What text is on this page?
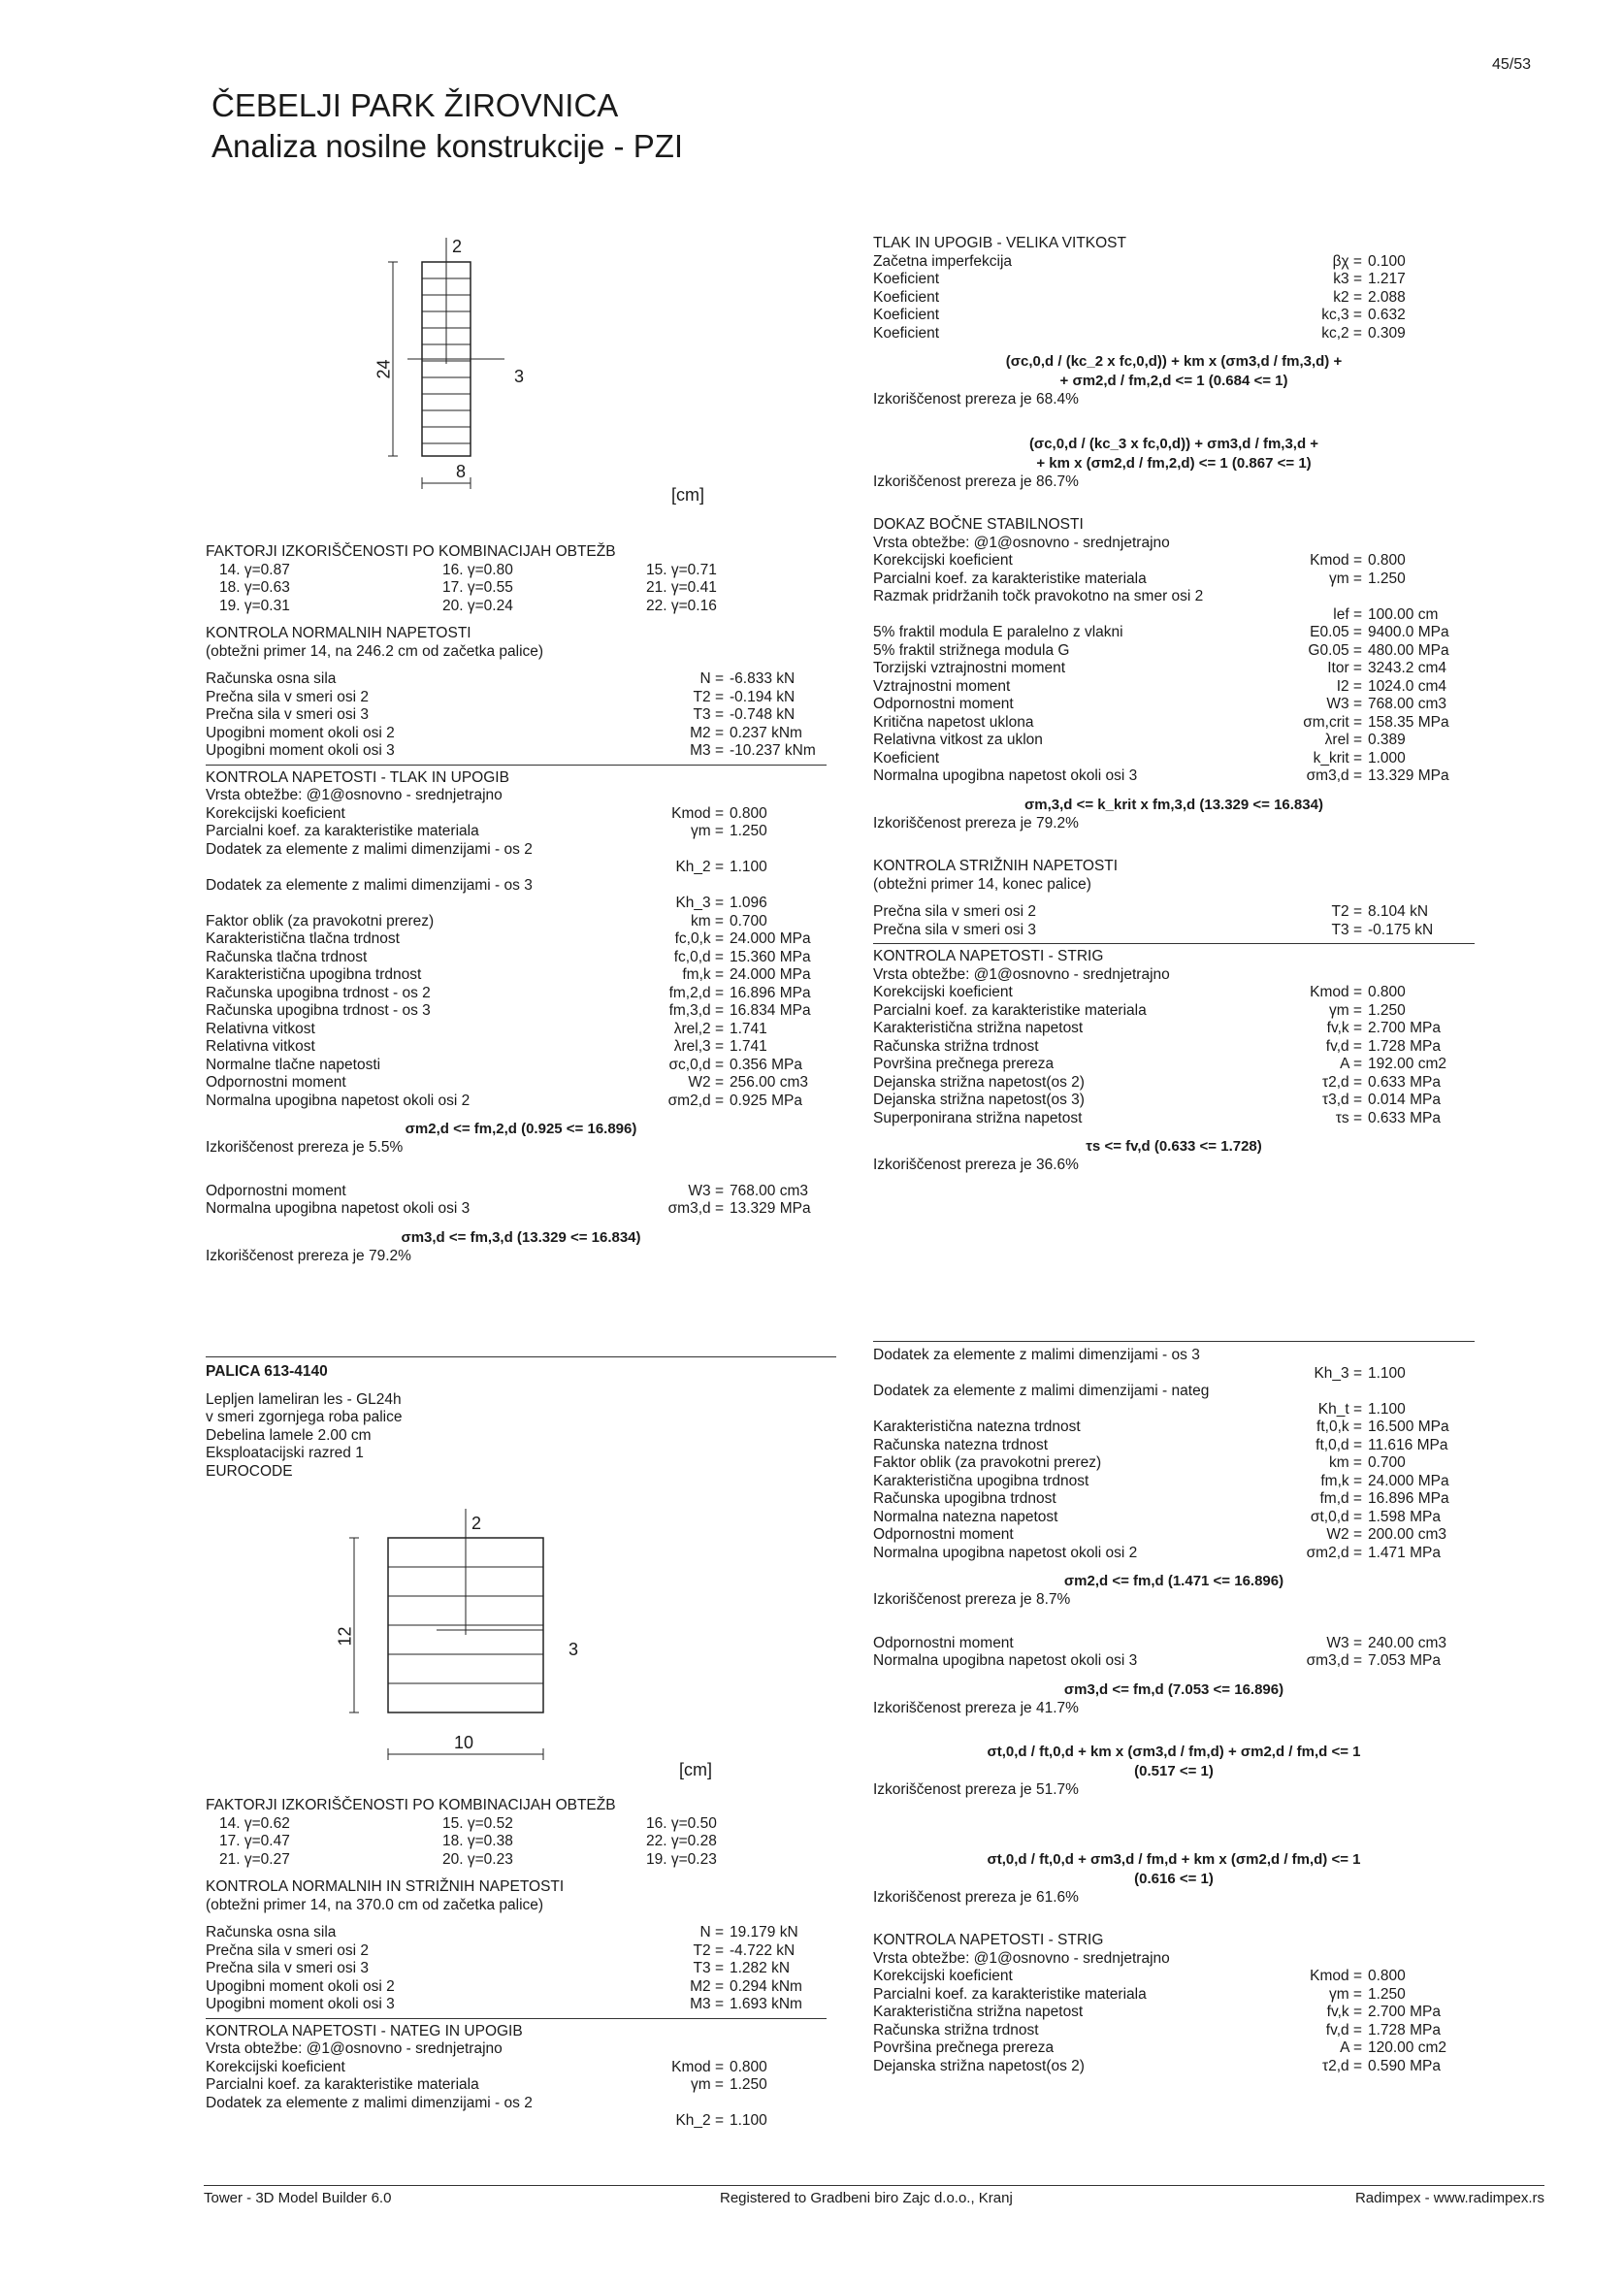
45/53
ČEBELJI PARK ŽIROVNICA
Analiza nosilne konstrukcije - PZI
2
3
24
8
[cm]
FAKTORJI IZKORIŠČENOSTI PO KOMBINACIJAH OBTEŽB
14. γ=0.87	16. γ=0.80	15. γ=0.71
18. γ=0.63	17. γ=0.55	21. γ=0.41
19. γ=0.31	20. γ=0.24	22. γ=0.16
KONTROLA NORMALNIH NAPETOSTI
(obtežni primer 14, na 246.2 cm od začetka palice)
Računska osna sila	N = -6.833 kN
Prečna sila v smeri osi 2	T2 = -0.194 kN
Prečna sila v smeri osi 3	T3 = -0.748 kN
Upogibni moment okoli osi 2	M2 = 0.237 kNm
Upogibni moment okoli osi 3	M3 = -10.237 kNm
KONTROLA NAPETOSTI - TLAK IN UPOGIB
Vrsta obtežbe: @1@osnovno - srednjetrajno
Korekcijski koeficient	Kmod = 0.800
Parcialni koef. za karakteristike materiala	γm = 1.250
Dodatek za elemente z malimi dimenzijami - os 2
Kh_2 = 1.100
Dodatek za elemente z malimi dimenzijami - os 3
Kh_3 = 1.096
Faktor oblik (za pravokotni prerez)	km = 0.700
Karakteristična tlačna trdnost	fc,0,k = 24.000 MPa
Računska tlačna trdnost	fc,0,d = 15.360 MPa
Karakteristična upogibna trdnost	fm,k = 24.000 MPa
Računska upogibna trdnost - os 2	fm,2,d = 16.896 MPa
Računska upogibna trdnost - os 3	fm,3,d = 16.834 MPa
Relativna vitkost	λrel,2 = 1.741
Relativna vitkost	λrel,3 = 1.741
Normalne tlačne napetosti	σc,0,d = 0.356 MPa
Odpornostni moment	W2 = 256.00 cm3
Normalna upogibna napetost okoli osi 2	σm2,d = 0.925 MPa
σm2,d <= fm,2,d (0.925 <= 16.896)
Izkoriščenost prereza je 5.5%
Odpornostni moment	W3 = 768.00 cm3
Normalna upogibna napetost okoli osi 3	σm3,d = 13.329 MPa
σm3,d <= fm,3,d (13.329 <= 16.834)
Izkoriščenost prereza je 79.2%
TLAK IN UPOGIB - VELIKA VITKOST
Začetna imperfekcija	βχ = 0.100
Koeficient	k3 = 1.217
Koeficient	k2 = 2.088
Koeficient	kc,3 = 0.632
Koeficient	kc,2 = 0.309
(σc,0,d / (kc_2 x fc,0,d)) + km x (σm3,d / fm,3,d) +
+ σm2,d / fm,2,d <= 1 (0.684 <= 1)
Izkoriščenost prereza je 68.4%
(σc,0,d / (kc_3 x fc,0,d)) + σm3,d / fm,3,d +
+ km x (σm2,d / fm,2,d) <= 1 (0.867 <= 1)
Izkoriščenost prereza je 86.7%
DOKAZ BOČNE STABILNOSTI
Vrsta obtežbe: @1@osnovno - srednjetrajno
Korekcijski koeficient	Kmod = 0.800
Parcialni koef. za karakteristike materiala	γm = 1.250
Razmak pridržanih točk pravokotno na smer osi 2
lef = 100.00 cm
5% fraktil modula E paralelno z vlakni	E0.05 = 9400.0 MPa
5% fraktil strižnega modula G	G0.05 = 480.00 MPa
Torzijski vztrajnostni moment	Itor = 3243.2 cm4
Vztrajnostni moment	I2 = 1024.0 cm4
Odpornostni moment	W3 = 768.00 cm3
Kritična napetost uklona	σm,crit = 158.35 MPa
Relativna vitkost za uklon	λrel = 0.389
Koeficient	k_krit = 1.000
Normalna upogibna napetost okoli osi 3	σm3,d = 13.329 MPa
σm,3,d <= k_krit x fm,3,d (13.329 <= 16.834)
Izkoriščenost prereza je 79.2%
KONTROLA STRIŽNIH NAPETOSTI
(obtežni primer 14, konec palice)
Prečna sila v smeri osi 2	T2 = 8.104 kN
Prečna sila v smeri osi 3	T3 = -0.175 kN
KONTROLA NAPETOSTI - STRIG
Vrsta obtežbe: @1@osnovno - srednjetrajno
Korekcijski koeficient	Kmod = 0.800
Parcialni koef. za karakteristike materiala	γm = 1.250
Karakteristična strižna napetost	fv,k = 2.700 MPa
Računska strižna trdnost	fv,d = 1.728 MPa
Površina prečnega prereza	A = 192.00 cm2
Dejanska strižna napetost(os 2)	τ2,d = 0.633 MPa
Dejanska strižna napetost(os 3)	τ3,d = 0.014 MPa
Superponirana strižna napetost	τs = 0.633 MPa
τs <= fv,d (0.633 <= 1.728)
Izkoriščenost prereza je 36.6%
PALICA 613-4140
Lepljen lameliran les - GL24h
v smeri zgornjega roba palice
Debelina lamele 2.00 cm
Eksploatacijski razred 1
EUROCODE
2
3
12
10
[cm]
FAKTORJI IZKORIŠČENOSTI PO KOMBINACIJAH OBTEŽB
14. γ=0.62	15. γ=0.52	16. γ=0.50
17. γ=0.47	18. γ=0.38	22. γ=0.28
21. γ=0.27	20. γ=0.23	19. γ=0.23
KONTROLA NORMALNIH IN STRIŽNIH NAPETOSTI
(obtežni primer 14, na 370.0 cm od začetka palice)
Računska osna sila	N = 19.179 kN
Prečna sila v smeri osi 2	T2 = -4.722 kN
Prečna sila v smeri osi 3	T3 = 1.282 kN
Upogibni moment okoli osi 2	M2 = 0.294 kNm
Upogibni moment okoli osi 3	M3 = 1.693 kNm
KONTROLA NAPETOSTI - NATEG IN UPOGIB
Vrsta obtežbe: @1@osnovno - srednjetrajno
Korekcijski koeficient	Kmod = 0.800
Parcialni koef. za karakteristike materiala	γm = 1.250
Dodatek za elemente z malimi dimenzijami - os 2
Kh_2 = 1.100
Dodatek za elemente z malimi dimenzijami - os 3
Kh_3 = 1.100
Dodatek za elemente z malimi dimenzijami - nateg
Kh_t = 1.100
Karakteristična natezna trdnost	ft,0,k = 16.500 MPa
Računska natezna trdnost	ft,0,d = 11.616 MPa
Faktor oblik (za pravokotni prerez)	km = 0.700
Karakteristična upogibna trdnost	fm,k = 24.000 MPa
Računska upogibna trdnost	fm,d = 16.896 MPa
Normalna natezna napetost	σt,0,d = 1.598 MPa
Odpornostni moment	W2 = 200.00 cm3
Normalna upogibna napetost okoli osi 2	σm2,d = 1.471 MPa
σm2,d <= fm,d (1.471 <= 16.896)
Izkoriščenost prereza je 8.7%
Odpornostni moment	W3 = 240.00 cm3
Normalna upogibna napetost okoli osi 3	σm3,d = 7.053 MPa
σm3,d <= fm,d (7.053 <= 16.896)
Izkoriščenost prereza je 41.7%
σt,0,d / ft,0,d + km x (σm3,d / fm,d) + σm2,d / fm,d <= 1
(0.517 <= 1)
Izkoriščenost prereza je 51.7%
σt,0,d / ft,0,d + σm3,d / fm,d + km x (σm2,d / fm,d) <= 1
(0.616 <= 1)
Izkoriščenost prereza je 61.6%
KONTROLA NAPETOSTI - STRIG
Vrsta obtežbe: @1@osnovno - srednjetrajno
Korekcijski koeficient	Kmod = 0.800
Parcialni koef. za karakteristike materiala	γm = 1.250
Karakteristična strižna napetost	fv,k = 2.700 MPa
Računska strižna trdnost	fv,d = 1.728 MPa
Površina prečnega prereza	A = 120.00 cm2
Dejanska strižna napetost(os 2)	τ2,d = 0.590 MPa
Tower - 3D Model Builder 6.0	Registered to Gradbeni biro Zajc d.o.o., Kranj	Radimpex - www.radimpex.rs
